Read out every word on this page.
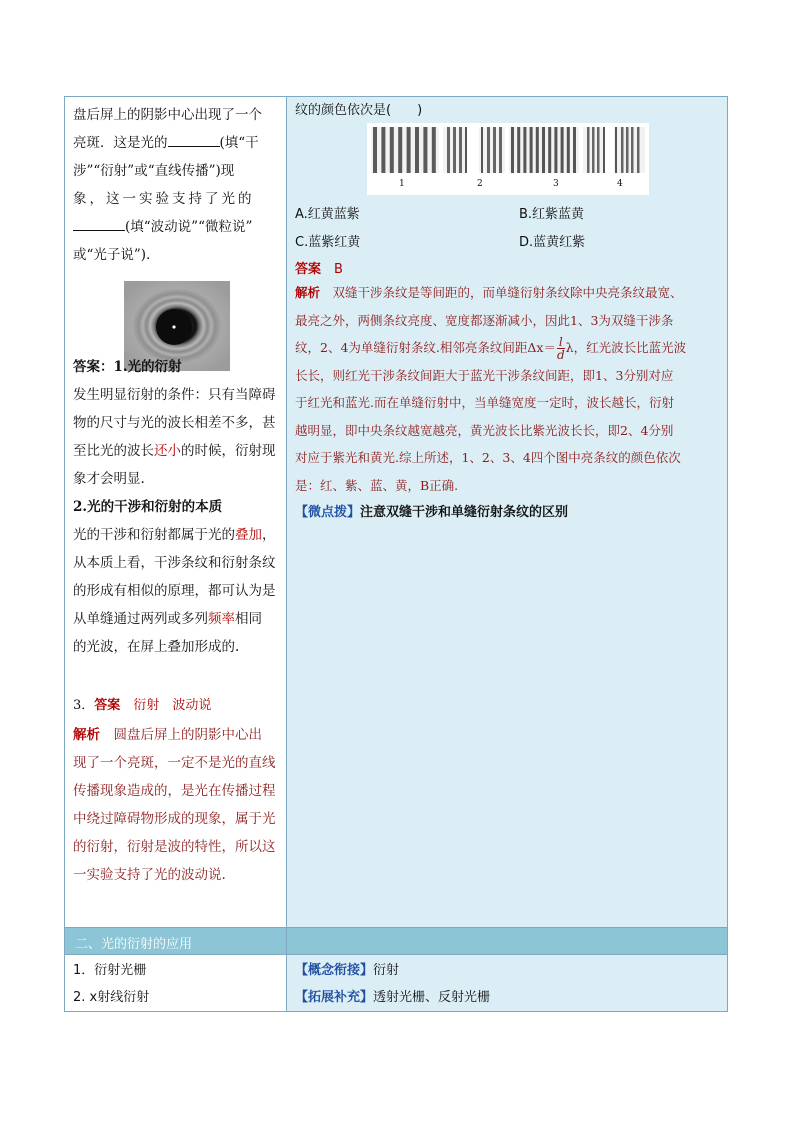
盘后屏上的阴影中心出现了一个
亮斑．这是光的	(填“干
涉”“衍射”或“直线传播”)现
象，这一实验支持了光的
(填“波动说”“微粒说”
或“光子说”)．
答案：1.光的衍射
发生明显衍射的条件：只有当障碍
物的尺寸与光的波长相差不多，甚
至比光的波长还小的时候，衍射现
象才会明显.
2.光的干涉和衍射的本质
光的干涉和衍射都属于光的叠加，
从本质上看，干涉条纹和衍射条纹
的形成有相似的原理，都可认为是
从单缝通过两列或多列频率相同
的光波，在屏上叠加形成的.
3．答案　 衍射　波动说
解析　 圆盘后屏上的阴影中心出
现了一个亮斑，一定不是光的直线
传播现象造成的，是光在传播过程
中绕过障碍物形成的现象，属于光
的衍射，衍射是波的特性，所以这
一实验支持了光的波动说.
纹的颜色依次是(　　)
1	2	3	4
A.红黄蓝紫	B.红紫蓝黄
C.蓝紫红黄	D.蓝黄红紫
答案　 B
解析　 双缝干涉条纹是等间距的，而单缝衍射条纹除中央亮条纹最宽、
最亮之外，两侧条纹亮度、宽度都逐渐减小，因此1、3为双缝干涉条
纹，2、4为单缝衍射条纹.相邻亮条纹间距$\Delta x= \frac{l}{d}$ λ，红光波长比蓝光波
长长，则红光干涉条纹间距大于蓝光干涉条纹间距，即1、3分别对应
于红光和蓝光.而在单缝衍射中，当单缝宽度一定时，波长越长，衍射
越明显，即中央条纹越宽越亮，黄光波长比紫光波长长，即2、4分别
对应于紫光和黄光.综上所述，1、2、3、4四个图中亮条纹的颜色依次
是：红、紫、蓝、黄，B正确.
【微点拨】注意双缝干涉和单缝衍射条纹的区别
二、光的衍射的应用
1．衍射光栅
2. x射线衍射
【概念衔接】衍射
【拓展补充】透射光栅、反射光栅
